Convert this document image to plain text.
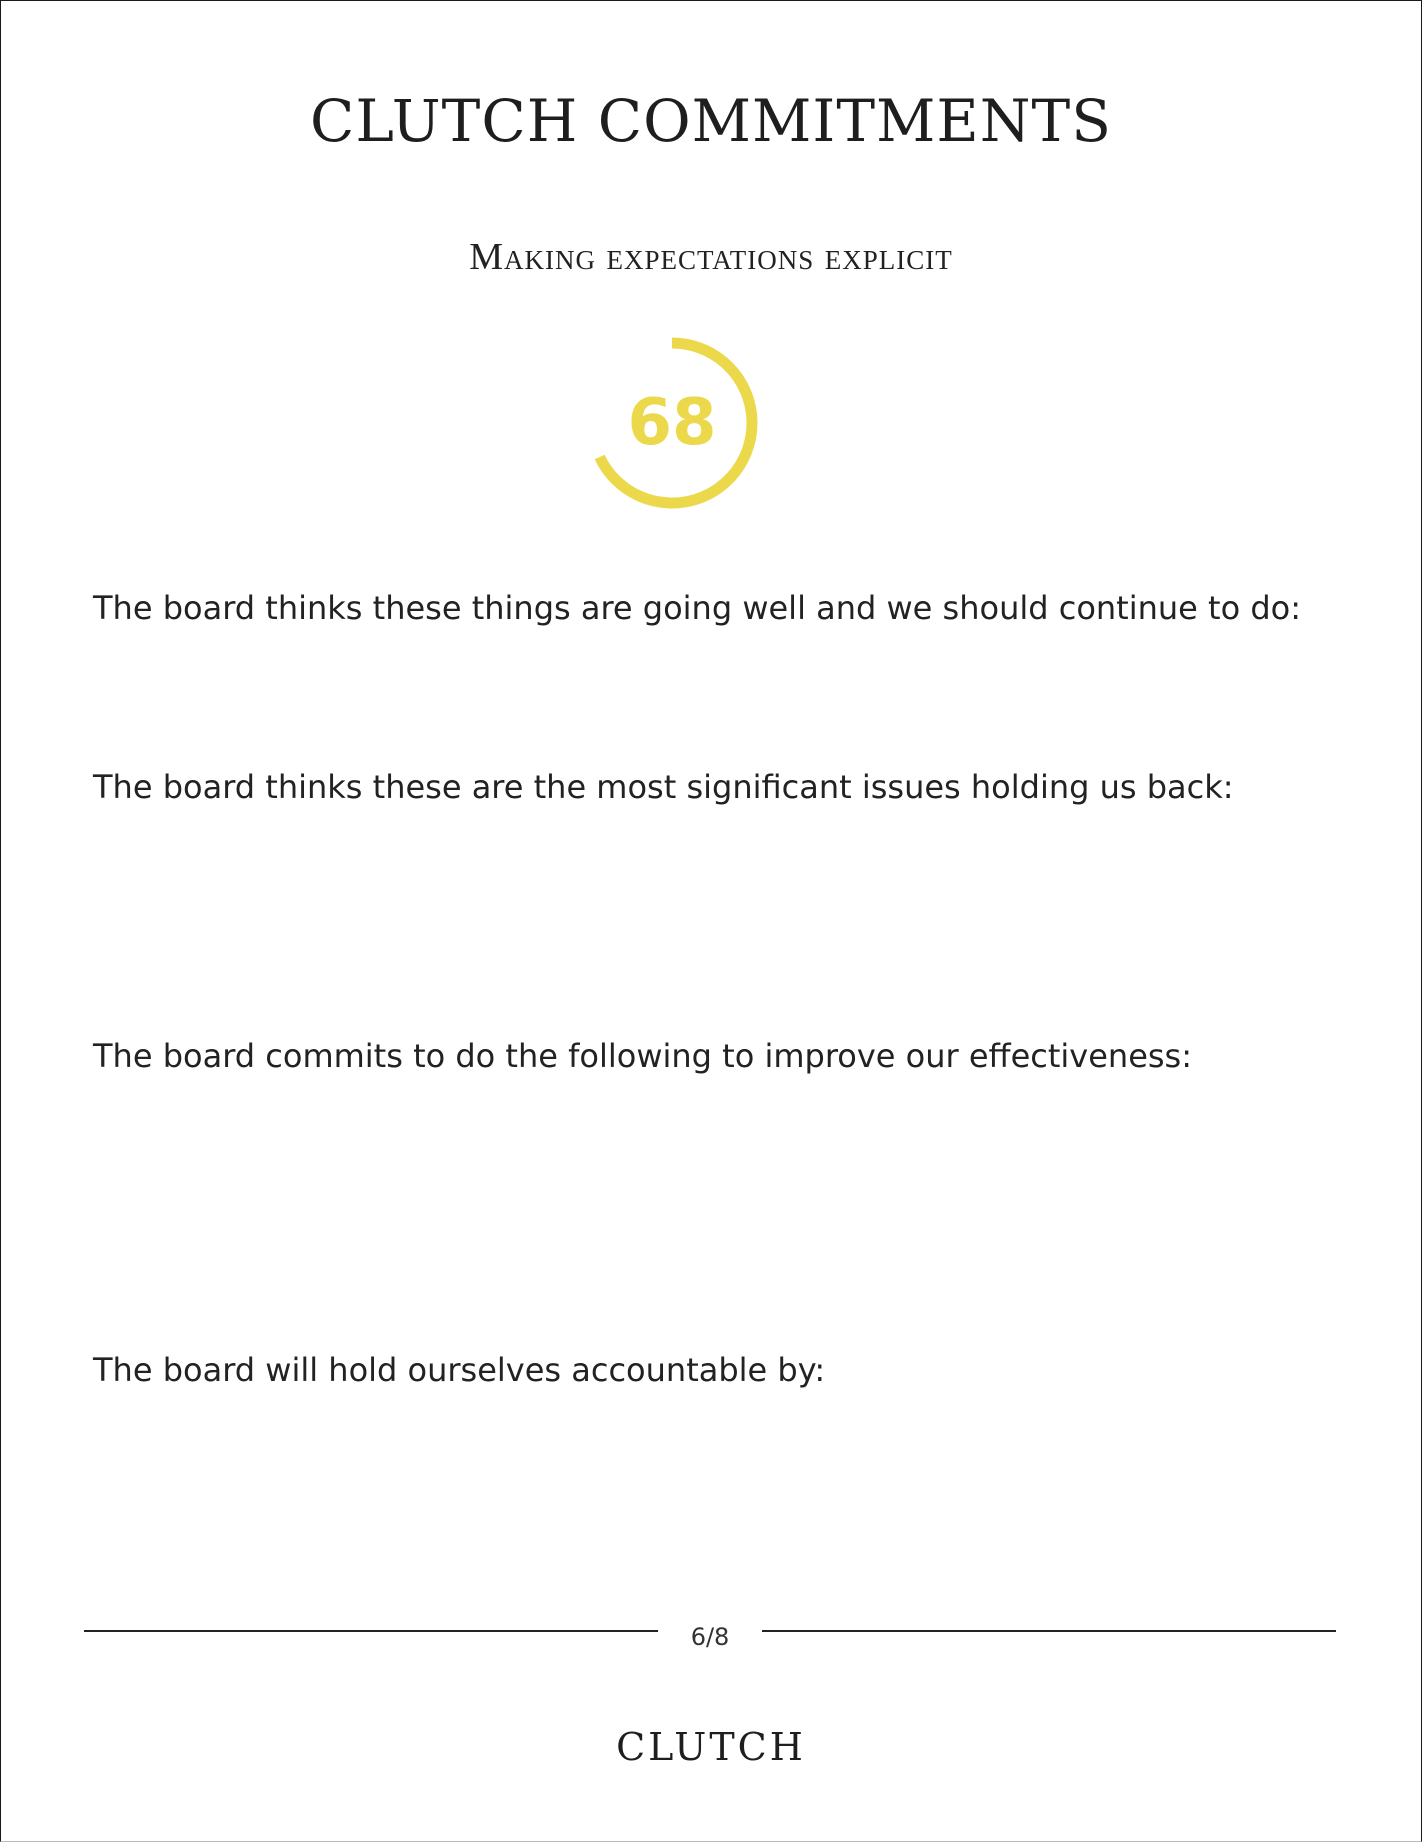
CLUTCH COMMITMENTS
Making expectations explicit
68
The board thinks these things are going well and we should continue to do:
The board thinks these are the most significant issues holding us back:
The board commits to do the following to improve our effectiveness:
The board will hold ourselves accountable by:
6/8
CLUTCH
